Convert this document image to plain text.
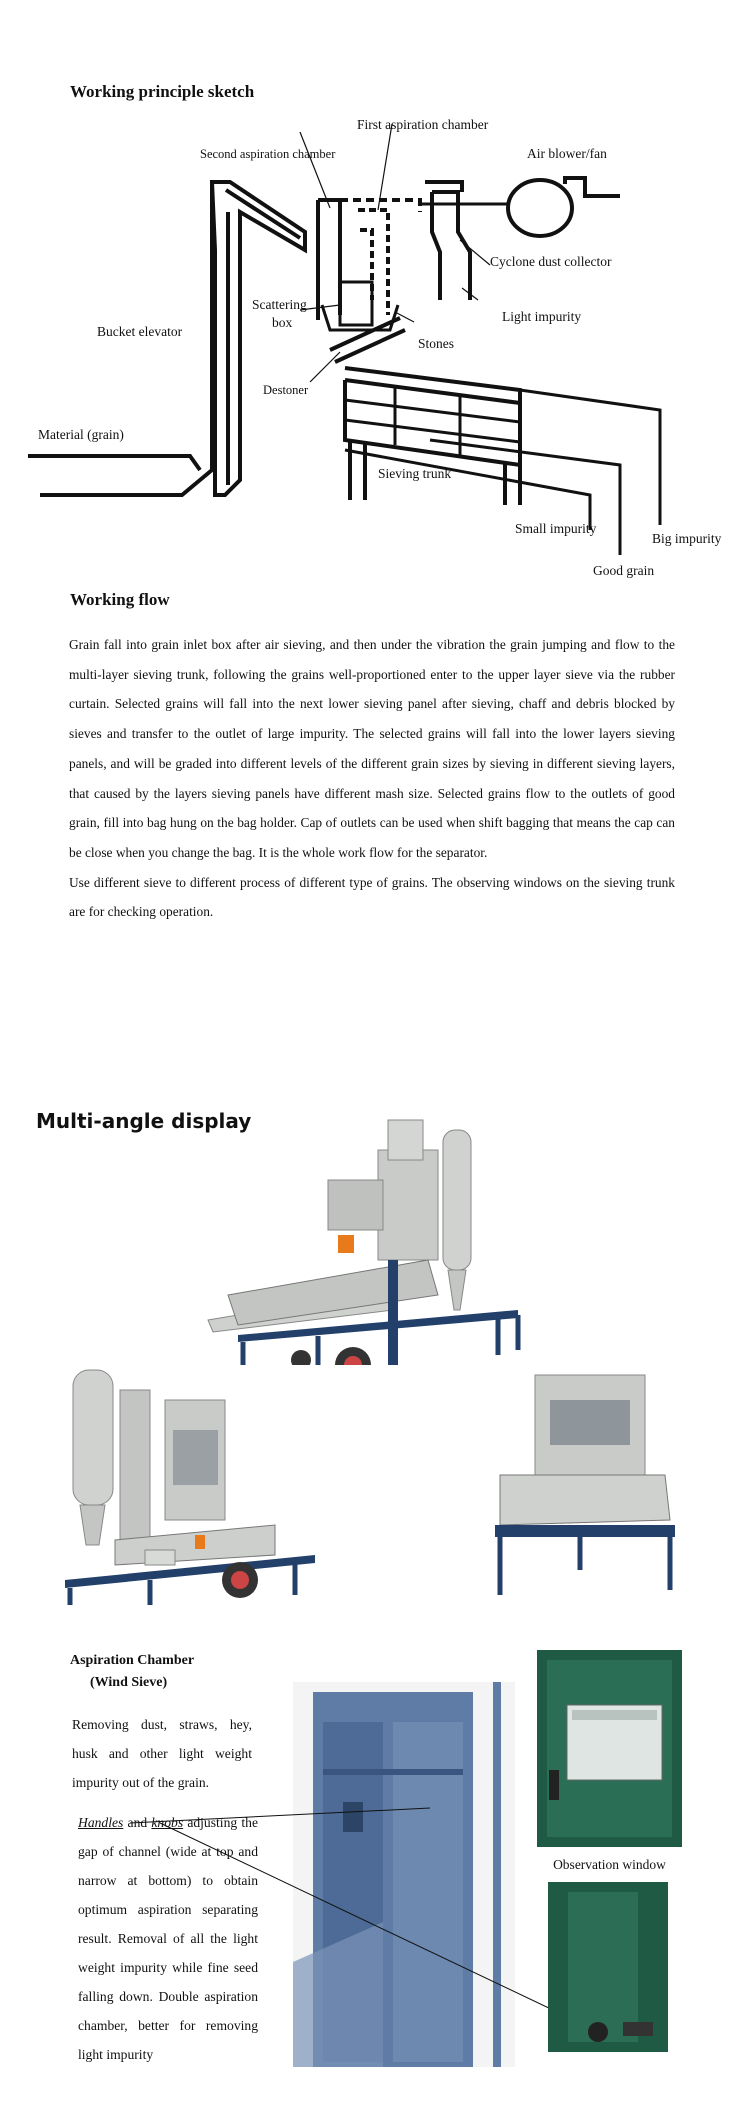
Working principle sketch
First aspiration chamber
Second aspiration chamber	Air blower/fan
Cyclone dust collector
Light impurity
Scattering
box
Stones
Bucket elevator
Destoner
Material (grain)
Sieving trunk
Small impurity
Big impurity
Good grain
Working flow

Grain fall into grain inlet box after air sieving, and then under the vibration the grain jumping and flow to the multi-layer sieving trunk, following the grains well-proportioned enter to the upper layer sieve via the rubber curtain. Selected grains will fall into the next lower sieving panel after sieving, chaff and debris blocked by sieves and transfer to the outlet of large impurity. The selected grains will fall into the lower layers sieving panels, and will be graded into different levels of the different grain sizes by sieving in different sieving layers, that caused by the layers sieving panels have different mash size. Selected grains flow to the outlets of good grain, fill into bag hung on the bag holder. Cap of outlets can be used when shift bagging that means the cap can be close when you change the bag. It is the whole work flow for the separator.

Use different sieve to different process of different type of grains. The observing windows on the sieving trunk are for checking operation.

Multi-angle display
Aspiration Chamber
(Wind Sieve)
Removing dust, straws, hey, husk and other light weight impurity out of the grain.
Handles and knobs adjusting the gap of channel (wide at top and narrow at bottom) to obtain optimum aspiration separating result. Removal of all the light weight impurity while fine seed falling down. Double aspiration chamber, better for removing light impurity
Observation window
